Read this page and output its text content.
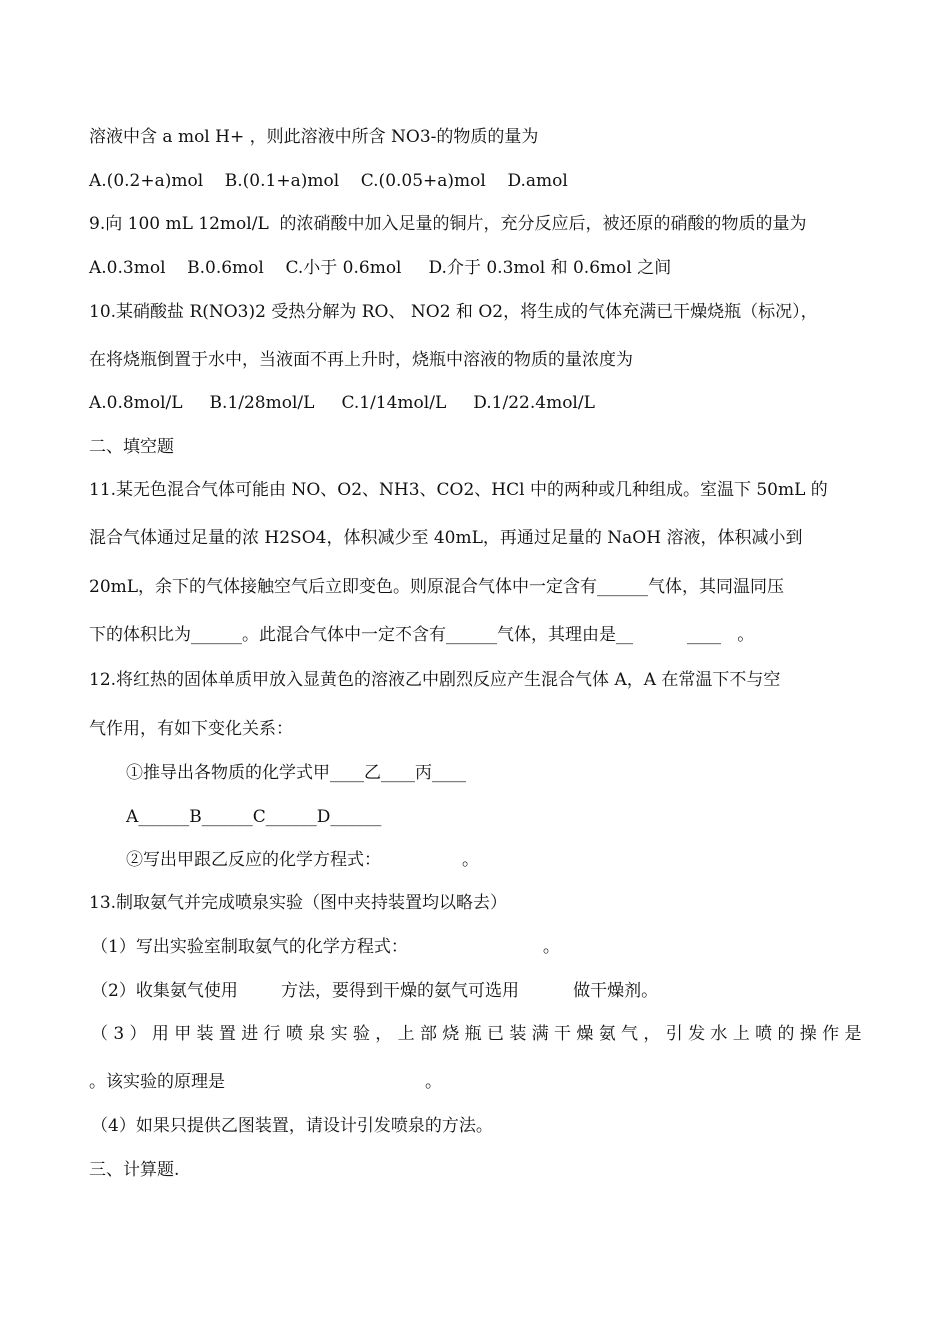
溶液中含 a mol H+ ，则此溶液中所含 NO3-的物质的量为
A.(0.2+a)mol    B.(0.1+a)mol    C.(0.05+a)mol    D.amol
9.向 100 mL 12mol/L  的浓硝酸中加入足量的铜片，充分反应后，被还原的硝酸的物质的量为
A.0.3mol    B.0.6mol    C.小于 0.6mol     D.介于 0.3mol 和 0.6mol 之间
10.某硝酸盐 R(NO3)2 受热分解为 RO、 NO2 和 O2，将生成的气体充满已干燥烧瓶（标况），
在将烧瓶倒置于水中，当液面不再上升时，烧瓶中溶液的物质的量浓度为
A.0.8mol/L     B.1/28mol/L     C.1/14mol/L     D.1/22.4mol/L
二、填空题
11.某无色混合气体可能由 NO、O2、NH3、CO2、HCl 中的两种或几种组成。室温下 50mL 的
混合气体通过足量的浓 H2SO4，体积减少至 40mL，再通过足量的 NaOH 溶液，体积减小到
20mL，余下的气体接触空气后立即变色。则原混合气体中一定含有______气体，其同温同压
下的体积比为______。此混合气体中一定不含有______气体，其理由是__          ____   。
12.将红热的固体单质甲放入显黄色的溶液乙中剧烈反应产生混合气体 A，A 在常温下不与空
气作用，有如下变化关系：
①推导出各物质的化学式甲____乙____丙____
A______B______C______D______
②写出甲跟乙反应的化学方程式：               。
13.制取氨气并完成喷泉实验（图中夹持装置均以略去）
（1）写出实验室制取氨气的化学方程式：                         。
（2）收集氨气使用        方法，要得到干燥的氨气可选用          做干燥剂。
（3）用甲装置进行喷泉实验，上部烧瓶已装满干燥氨气，引发水上喷的操作是
。该实验的原理是                                     。
（4）如果只提供乙图装置，请设计引发喷泉的方法。
三、计算题.
